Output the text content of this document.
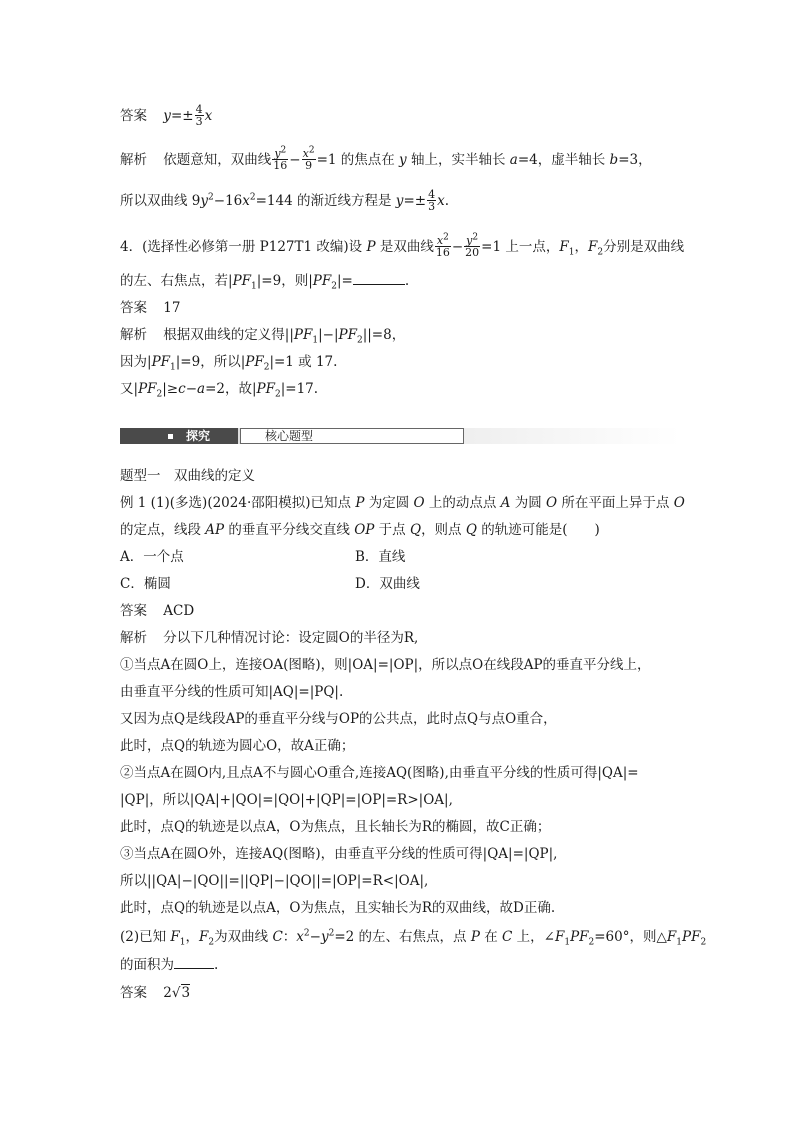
答案 $y=\pm \frac{4}{3}$ x
解析 依题意知，双曲线 $\frac{y^2}{16} - \frac{x^2}{9} =1$ 的焦点在 y 轴上，实半轴长 a=4，虚半轴长 b=3，
所以双曲线 $9y^2-16x^2=144$ 的渐近线方程是 $y=\pm \frac{4}{3} x$.
4．(选择性必修第一册 P127T1 改编)设 P 是双曲线 $\frac{x^2}{16} - \frac{y^2}{20} =1$ 上一点，$F_1$，$F_2$分别是双曲线
的左、右焦点，若$|PF_1|=9$，则$|PF_2|=$	.
答案 17
解析 根据双曲线的定义得$||PF_1|-|PF_2||=8$，
因为$|PF_1|=9$，所以$|PF_2|=1$ 或 17.
又$|PF_2|\ge c-a=2$，故$|PF_2|=17$.
探究	核心题型
题型一　双曲线的定义
例 1 (1)(多选)(2024·邵阳模拟)已知点 P 为定圆 O 上的动点点 A 为圆 O 所在平面上异于点 O
的定点，线段 AP 的垂直平分线交直线 OP 于点 Q，则点 Q 的轨迹可能是(　　)
A．一个点	B．直线
C．椭圆	D．双曲线
答案 ACD
解析 分以下几种情况讨论：设定圆O的半径为R,
①当点A在圆O上，连接OA(图略)，则|OA|=|OP|，所以点O在线段AP的垂直平分线上，
由垂直平分线的性质可知|AQ|=|PQ|.
又因为点Q是线段AP的垂直平分线与OP的公共点，此时点Q与点O重合，
此时，点Q的轨迹为圆心O，故A正确；
②当点A在圆O内,且点A不与圆心O重合,连接AQ(图略),由垂直平分线的性质可得|QA|=
|QP|，所以|QA|+|QO|=|QO|+|QP|=|OP|=R>|OA|,
此时，点Q的轨迹是以点A，O为焦点，且长轴长为R的椭圆，故C正确；
③当点A在圆O外，连接AQ(图略)，由垂直平分线的性质可得|QA|=|QP|,
所以||QA|−|QO||=||QP|−|QO||=|OP|=R<|OA|,
此时，点Q的轨迹是以点A，O为焦点，且实轴长为R的双曲线，故D正确.
(2)已知 $F_1$，$F_2$为双曲线 C：$x^2-y^2=2$ 的左、右焦点，点 P 在 C 上，$\angle F_1PF_2=60^\circ$，则$\triangle F_1PF_2$
的面积为	.
答案 2√3
